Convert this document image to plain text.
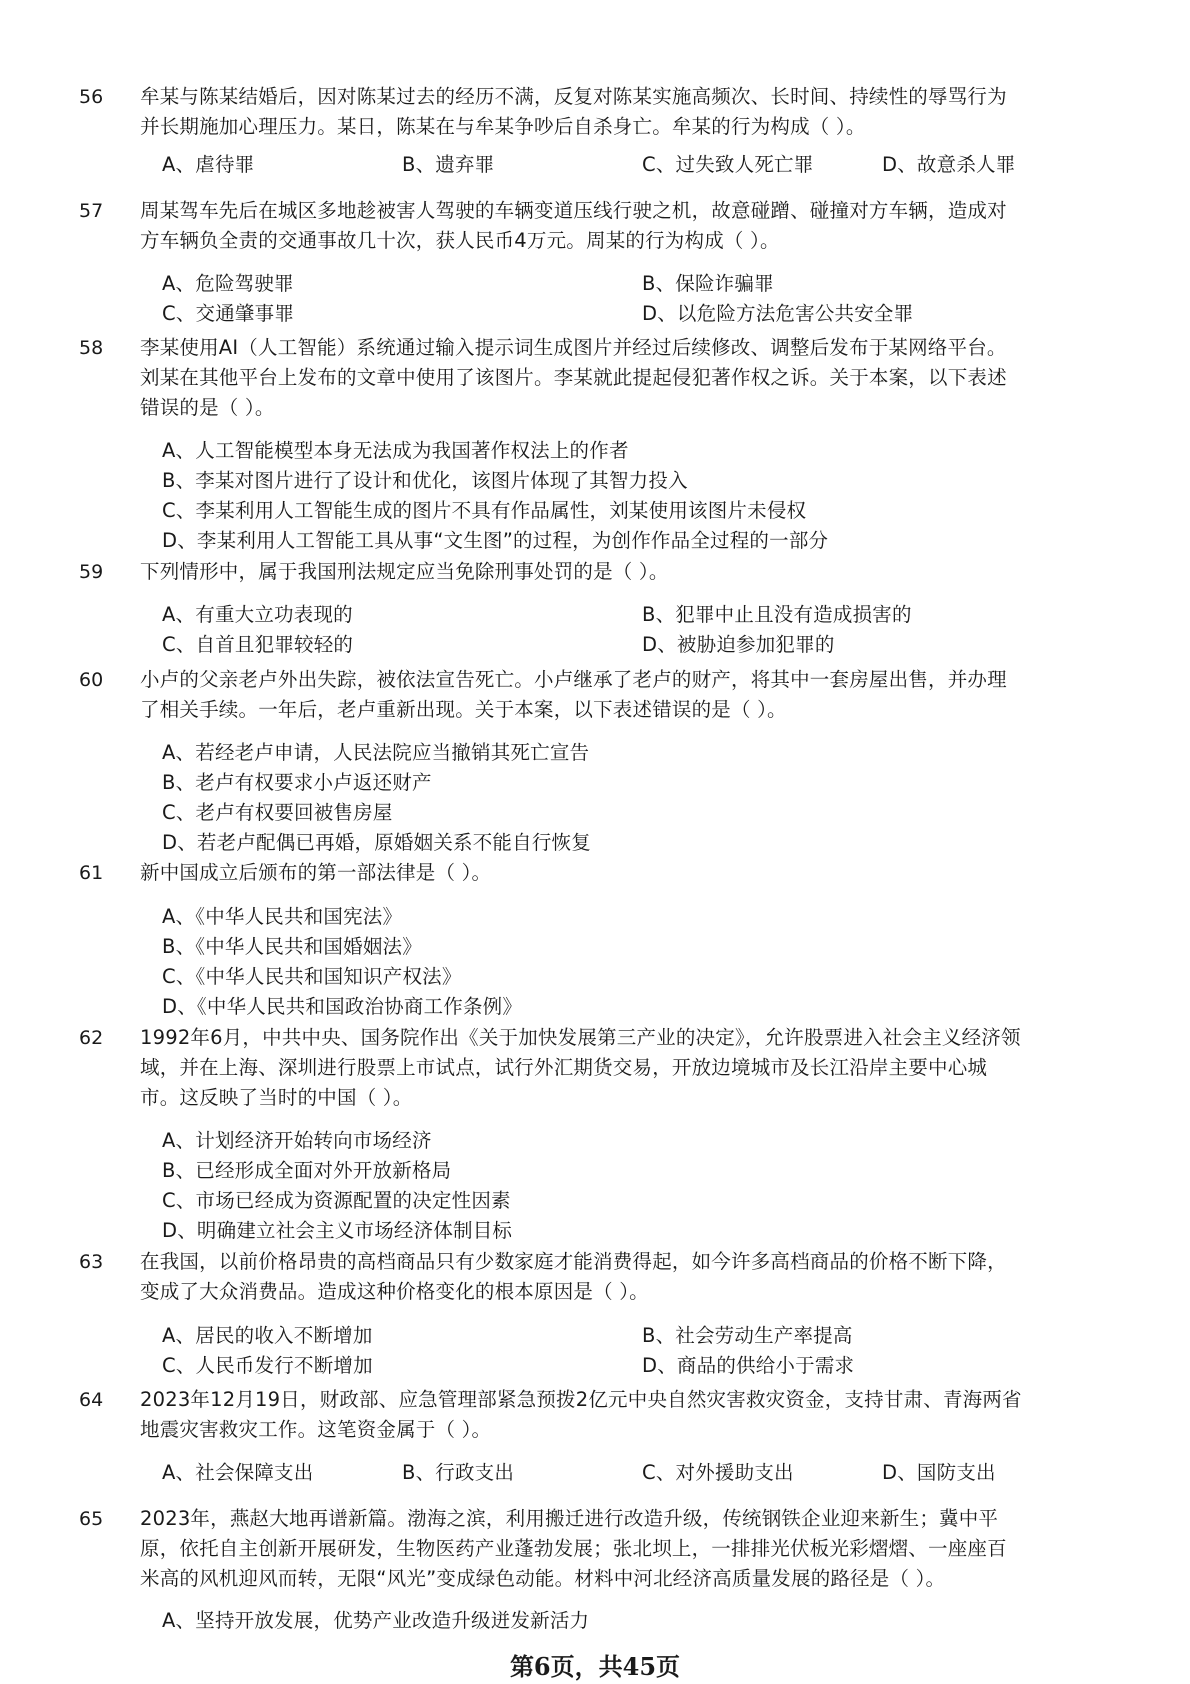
56	牟某与陈某结婚后，因对陈某过去的经历不满，反复对陈某实施高频次、长时间、持续性的辱骂行为
并长期施加心理压力。某日，陈某在与牟某争吵后自杀身亡。牟某的行为构成（ ）。
A、虐待罪	B、遗弃罪	C、过失致人死亡罪	D、故意杀人罪
57	周某驾车先后在城区多地趁被害人驾驶的车辆变道压线行驶之机，故意碰蹭、碰撞对方车辆，造成对
方车辆负全责的交通事故几十次，获人民币4万元。周某的行为构成（ ）。
A、危险驾驶罪	B、保险诈骗罪
C、交通肇事罪	D、以危险方法危害公共安全罪
58	李某使用AI（人工智能）系统通过输入提示词生成图片并经过后续修改、调整后发布于某网络平台。
刘某在其他平台上发布的文章中使用了该图片。李某就此提起侵犯著作权之诉。关于本案，以下表述
错误的是（ ）。
A、人工智能模型本身无法成为我国著作权法上的作者
B、李某对图片进行了设计和优化，该图片体现了其智力投入
C、李某利用人工智能生成的图片不具有作品属性，刘某使用该图片未侵权
D、李某利用人工智能工具从事“文生图”的过程，为创作作品全过程的一部分
59	下列情形中，属于我国刑法规定应当免除刑事处罚的是（ ）。
A、有重大立功表现的	B、犯罪中止且没有造成损害的
C、自首且犯罪较轻的	D、被胁迫参加犯罪的
60	小卢的父亲老卢外出失踪，被依法宣告死亡。小卢继承了老卢的财产，将其中一套房屋出售，并办理
了相关手续。一年后，老卢重新出现。关于本案，以下表述错误的是（ ）。
A、若经老卢申请，人民法院应当撤销其死亡宣告
B、老卢有权要求小卢返还财产
C、老卢有权要回被售房屋
D、若老卢配偶已再婚，原婚姻关系不能自行恢复
61	新中国成立后颁布的第一部法律是（ ）。
A、《中华人民共和国宪法》
B、《中华人民共和国婚姻法》
C、《中华人民共和国知识产权法》
D、《中华人民共和国政治协商工作条例》
62	1992年6月，中共中央、国务院作出《关于加快发展第三产业的决定》，允许股票进入社会主义经济领
域，并在上海、深圳进行股票上市试点，试行外汇期货交易，开放边境城市及长江沿岸主要中心城
市。这反映了当时的中国（ ）。
A、计划经济开始转向市场经济
B、已经形成全面对外开放新格局
C、市场已经成为资源配置的决定性因素
D、明确建立社会主义市场经济体制目标
63	在我国，以前价格昂贵的高档商品只有少数家庭才能消费得起，如今许多高档商品的价格不断下降，
变成了大众消费品。造成这种价格变化的根本原因是（ ）。
A、居民的收入不断增加	B、社会劳动生产率提高
C、人民币发行不断增加	D、商品的供给小于需求
64	2023年12月19日，财政部、应急管理部紧急预拨2亿元中央自然灾害救灾资金，支持甘肃、青海两省
地震灾害救灾工作。这笔资金属于（ ）。
A、社会保障支出	B、行政支出	C、对外援助支出	D、国防支出
65	2023年，燕赵大地再谱新篇。渤海之滨，利用搬迁进行改造升级，传统钢铁企业迎来新生；冀中平
原，依托自主创新开展研发，生物医药产业蓬勃发展；张北坝上，一排排光伏板光彩熠熠、一座座百
米高的风机迎风而转，无限“风光”变成绿色动能。材料中河北经济高质量发展的路径是（ ）。
A、坚持开放发展，优势产业改造升级迸发新活力
第6页，共45页
